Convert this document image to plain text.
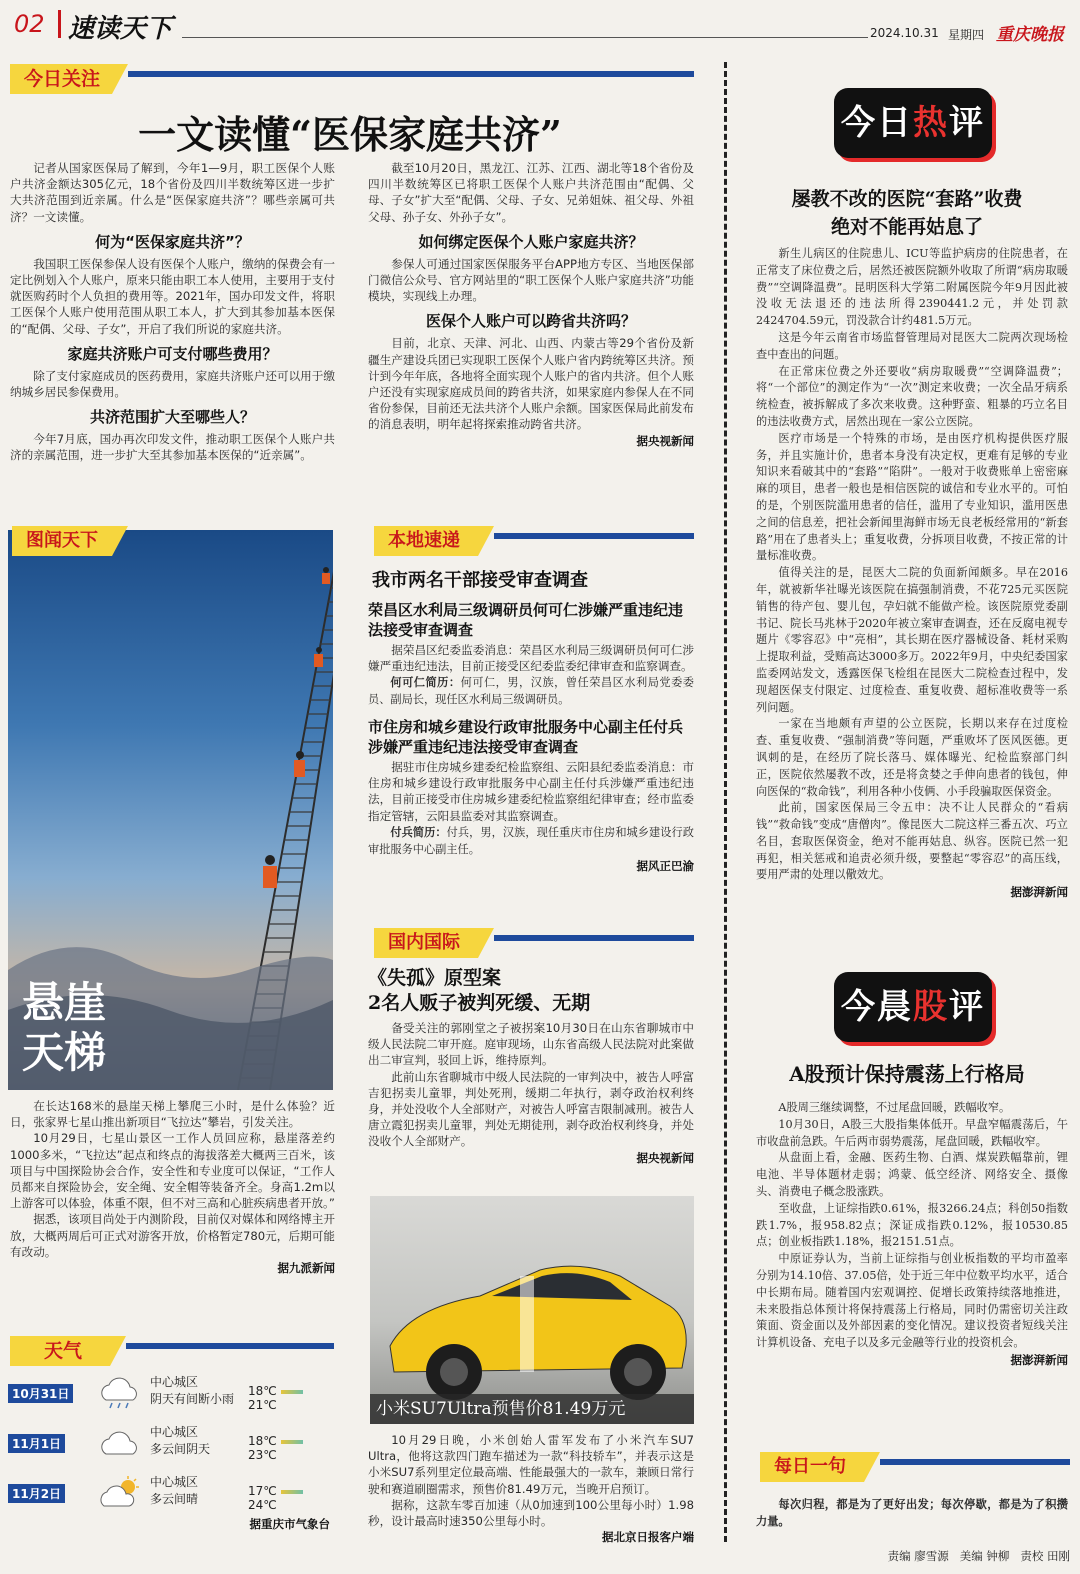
02 速读天下	2024.10.31 星期四 重庆晚报
今日关注
一文读懂“医保家庭共济”

记者从国家医保局了解到，今年1—9月，职工医保个人账户共济金额达305亿元，18个省份及四川半数统筹区进一步扩大共济范围到近亲属。什么是“医保家庭共济”？哪些亲属可共济？一文读懂。

何为“医保家庭共济”？

我国职工医保参保人设有医保个人账户，缴纳的保费会有一定比例划入个人账户，原来只能由职工本人使用，主要用于支付就医购药时个人负担的费用等。2021年，国办印发文件，将职工医保个人账户使用范围从职工本人，扩大到其参加基本医保的“配偶、父母、子女”，开启了我们所说的家庭共济。

家庭共济账户可支付哪些费用？

除了支付家庭成员的医药费用，家庭共济账户还可以用于缴纳城乡居民参保费用。

共济范围扩大至哪些人？

今年7月底，国办再次印发文件，推动职工医保个人账户共济的亲属范围，进一步扩大至其参加基本医保的“近亲属”。

截至10月20日，黑龙江、江苏、江西、湖北等18个省份及四川半数统筹区已将职工医保个人账户共济范围由“配偶、父母、子女”扩大至“配偶、父母、子女、兄弟姐妹、祖父母、外祖父母、孙子女、外孙子女”。

如何绑定医保个人账户家庭共济？

参保人可通过国家医保服务平台APP地方专区、当地医保部门微信公众号、官方网站里的“职工医保个人账户家庭共济”功能模块，实现线上办理。

医保个人账户可以跨省共济吗？

目前，北京、天津、河北、山西、内蒙古等29个省份及新疆生产建设兵团已实现职工医保个人账户省内跨统筹区共济。预计到今年年底，各地将全面实现个人账户的省内共济。但个人账户还没有实现家庭成员间的跨省共济，如果家庭内参保人在不同省份参保，目前还无法共济个人账户余额。国家医保局此前发布的消息表明，明年起将探索推动跨省共济。

据央视新闻
悬崖天梯
图闻天下

在长达168米的悬崖天梯上攀爬三小时，是什么体验？近日，张家界七星山推出新项目“飞拉达”攀岩，引发关注。

10月29日，七星山景区一工作人员回应称，悬崖落差约1000多米，“飞拉达”起点和终点的海拔落差大概两三百米，该项目与中国探险协会合作，安全性和专业度可以保证，“工作人员都来自探险协会，安全绳、安全帽等装备齐全。身高1.2m以上游客可以体验，体重不限，但不对三高和心脏疾病患者开放。”

据悉，该项目尚处于内测阶段，目前仅对媒体和网络博主开放，大概两周后可正式对游客开放，价格暂定780元，后期可能有改动。

据九派新闻
天气
10月31日
中心城区
阴天有间断小雨
18℃21℃
11月1日
中心城区
多云间阴天
18℃23℃
11月2日
中心城区
多云间晴
17℃24℃
据重庆市气象台
本地速递
我市两名干部接受审查调查
荣昌区水利局三级调研员何可仁涉嫌严重违纪违法接受审查调查

据荣昌区纪委监委消息：荣昌区水利局三级调研员何可仁涉嫌严重违纪违法，目前正接受区纪委监委纪律审查和监察调查。

何可仁简历：何可仁，男，汉族，曾任荣昌区水利局党委委员、副局长，现任区水利局三级调研员。

市住房和城乡建设行政审批服务中心副主任付兵涉嫌严重违纪违法接受审查调查

据驻市住房城乡建委纪检监察组、云阳县纪委监委消息：市住房和城乡建设行政审批服务中心副主任付兵涉嫌严重违纪违法，目前正接受市住房城乡建委纪检监察组纪律审查；经市监委指定管辖，云阳县监委对其监察调查。

付兵简历：付兵，男，汉族，现任重庆市住房和城乡建设行政审批服务中心副主任。

据风正巴渝
国内国际
《失孤》原型案
2名人贩子被判死缓、无期

备受关注的郭刚堂之子被拐案10月30日在山东省聊城市中级人民法院二审开庭。庭审现场，山东省高级人民法院对此案做出二审宣判，驳回上诉，维持原判。

此前山东省聊城市中级人民法院的一审判决中，被告人呼富吉犯拐卖儿童罪，判处死刑，缓期二年执行，剥夺政治权利终身，并处没收个人全部财产，对被告人呼富吉限制减刑。被告人唐立霞犯拐卖儿童罪，判处无期徒刑，剥夺政治权利终身，并处没收个人全部财产。

据央视新闻
小米SU7Ultra预售价81.49万元

10月29日晚，小米创始人雷军发布了小米汽车SU7 Ultra，他将这款四门跑车描述为一款“科技轿车”，并表示这是小米SU7系列里定位最高端、性能最强大的一款车，兼顾日常行驶和赛道刷圈需求，预售价81.49万元，当晚开启预订。

据称，这款车零百加速（从0加速到100公里每小时）1.98秒，设计最高时速350公里每小时。

据北京日报客户端
今日热评
屡教不改的医院“套路”收费
绝对不能再姑息了

新生儿病区的住院患儿、ICU等监护病房的住院患者，在正常支了床位费之后，居然还被医院额外收取了所谓“病房取暖费”“空调降温费”。昆明医科大学第二附属医院今年9月因此被没收无法退还的违法所得2390441.2元，并处罚款2424704.59元，罚没款合计约481.5万元。

这是今年云南省市场监督管理局对昆医大二院两次现场检查中查出的问题。

在正常床位费之外还要收“病房取暖费”“空调降温费”；将“一个部位”的测定作为“一次”测定来收费；一次全品牙病系统检查，被拆解成了多次来收费。这种野蛮、粗暴的巧立名目的违法收费方式，居然出现在一家公立医院。

医疗市场是一个特殊的市场，是由医疗机构提供医疗服务，并且实施计价，患者本身没有决定权，更难有足够的专业知识来看破其中的“套路”“陷阱”。一般对于收费账单上密密麻麻的项目，患者一般也是相信医院的诚信和专业水平的。可怕的是，个别医院滥用患者的信任，滥用了专业知识，滥用医患之间的信息差，把社会新闻里海鲜市场无良老板经常用的“新套路”用在了患者头上；重复收费，分拆项目收费，不按正常的计量标准收费。

值得关注的是，昆医大二院的负面新闻颇多。早在2016年，就被新华社曝光该医院在搞强制消费，不花725元买医院销售的待产包、婴儿包，孕妇就不能做产检。该医院原党委副书记、院长马兆林于2020年被立案审查调查，还在反腐电视专题片《零容忍》中“亮相”，其长期在医疗器械设备、耗材采购上提取利益，受贿高达3000多万。2022年9月，中央纪委国家监委网站发文，透露医保飞检组在昆医大二院检查过程中，发现超医保支付限定、过度检查、重复收费、超标准收费等一系列问题。

一家在当地颇有声望的公立医院，长期以来存在过度检查、重复收费、“强制消费”等问题，严重败坏了医风医德。更讽刺的是，在经历了院长落马、媒体曝光、纪检监察部门纠正，医院依然屡教不改，还是将贪婪之手伸向患者的钱包，伸向医保的“救命钱”，利用各种小伎俩、小手段骗取医保资金。

此前，国家医保局三令五申：决不让人民群众的“看病钱”“救命钱”变成“唐僧肉”。像昆医大二院这样三番五次、巧立名目，套取医保资金，绝对不能再姑息、纵容。医院已然一犯再犯，相关惩戒和追责必须升级，要整起“零容忍”的高压线，要用严肃的处理以儆效尤。

据澎湃新闻
今晨股评
A股预计保持震荡上行格局

A股周三继续调整，不过尾盘回暖，跌幅收窄。

10月30日，A股三大股指集体低开。早盘窄幅震荡后，午市收盘前急跌。午后两市弱势震荡，尾盘回暖，跌幅收窄。

从盘面上看，金融、医药生物、白酒、煤炭跌幅靠前，锂电池、半导体题材走弱；鸿蒙、低空经济、网络安全、摄像头、消费电子概念股涨跌。

至收盘，上证综指跌0.61%，报3266.24点；科创50指数跌1.7%，报958.82点；深证成指跌0.12%，报10530.85点；创业板指跌1.18%，报2151.51点。

中原证券认为，当前上证综指与创业板指数的平均市盈率分别为14.10倍、37.05倍，处于近三年中位数平均水平，适合中长期布局。随着国内宏观调控、促增长政策持续落地推进，未来股指总体预计将保持震荡上行格局，同时仍需密切关注政策面、资金面以及外部因素的变化情况。建议投资者短线关注计算机设备、充电子以及多元金融等行业的投资机会。

据澎湃新闻
每日一句

每次归程，都是为了更好出发；每次停歇，都是为了积攒力量。

责编 廖雪源 美编 钟柳 责校 田刚
